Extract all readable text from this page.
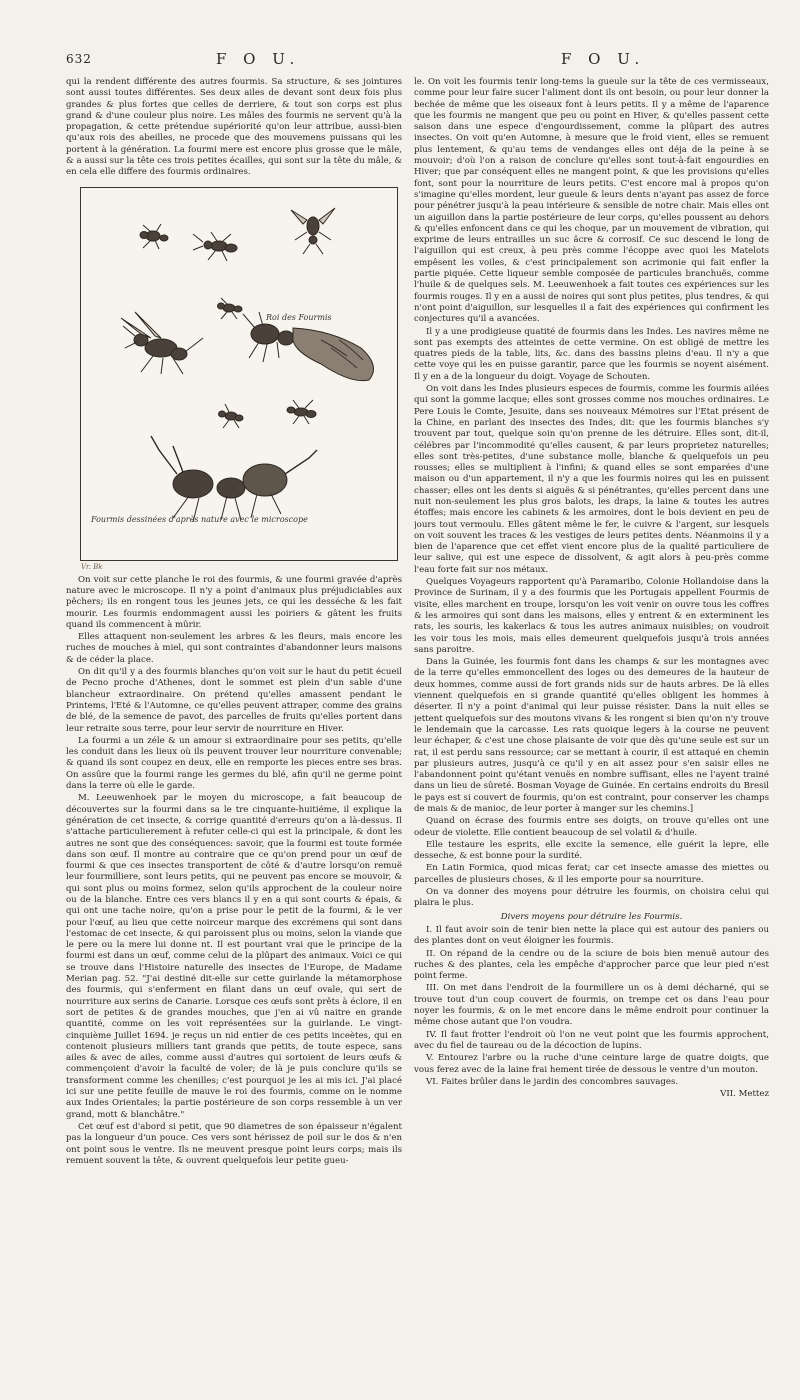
632	F O U.	F O U.

qui la rendent différente des autres fourmis. Sa structure, & ses jointures sont aussi toutes différentes. Ses deux ailes de devant sont deux fois plus grandes & plus fortes que celles de derriere, & tout son corps est plus grand & d'une couleur plus noire. Les mâles des fourmis ne servent qu'à la propagation, & cette prétendue supériorité qu'on leur attribue, aussi-bien qu'aux rois des abeilles, ne procede que des mouvemens puissans qui les portent à la génération. La fourmi mere est encore plus grosse que le mâle, & a aussi sur la tête ces trois petites écailles, qui sont sur la tête du mâle, & en cela elle differe des fourmis ordinaires.

Roi des Fourmis
Fourmis dessinées d'après nature avec le microscope
Vr. Bk

On voit sur cette planche le roi des fourmis, & une fourmi gravée d'après nature avec le microscope. Il n'y a point d'animaux plus préjudiciables aux pêchers; ils en rongent tous les jeunes jets, ce qui les desséche & les fait mourir. Les fourmis endommagent aussi les poiriers & gâtent les fruits quand ils commencent à mûrir.

Elles attaquent non-seulement les arbres & les fleurs, mais encore les ruches de mouches à miel, qui sont contraintes d'abandonner leurs maisons & de céder la place.

On dit qu'il y a des fourmis blanches qu'on voit sur le haut du petit écueil de Pecno proche d'Athenes, dont le sommet est plein d'un sable d'une blancheur extraordinaire. On prétend qu'elles amassent pendant le Printems, l'Eté & l'Automne, ce qu'elles peuvent attraper, comme des grains de blé, de la semence de pavot, des parcelles de fruits qu'elles portent dans leur retraite sous terre, pour leur servir de nourriture en Hiver.

La fourmi a un zéle & un amour si extraordinaire pour ses petits, qu'elle les conduit dans les lieux où ils peuvent trouver leur nourriture convenable; & quand ils sont coupez en deux, elle en remporte les pieces entre ses bras. On assûre que la fourmi range les germes du blé, afin qu'il ne germe point dans la terre où elle le garde.

M. Leeuwenhoek par le moyen du microscope, a fait beaucoup de découvertes sur la fourmi dans sa le tre cinquante-huitiéme, il explique la génération de cet insecte, & corrige quantité d'erreurs qu'on a là-dessus. Il s'attache particulierement à refuter celle-ci qui est la principale, & dont les autres ne sont que des conséquences: savoir, que la fourmi est toute formée dans son œuf. Il montre au contraire que ce qu'on prend pour un œuf de fourmi & que ces insectes transportent de côté & d'autre lorsqu'on remuë leur fourmilliere, sont leurs petits, qui ne peuvent pas encore se mouvoir, & qui sont plus ou moins formez, selon qu'ils approchent de la couleur noire ou de la blanche. Entre ces vers blancs il y en a qui sont courts & épais, & qui ont une tache noire, qu'on a prise pour le petit de la fourmi, & le ver pour l'œuf, au lieu que cette noirceur marque des excrémens qui sont dans l'estomac de cet insecte, & qui paroissent plus ou moins, selon la viande que le pere ou la mere lui donne nt. Il est pourtant vrai que le principe de la fourmi est dans un œuf, comme celui de la plûpart des animaux. Voici ce qui se trouve dans l'Histoire naturelle des insectes de l'Europe, de Madame Merian pag. 52. "J'ai destiné dit-elle sur cette guirlande la métamorphose des fourmis, qui s'enferment en filant dans un œuf ovale, qui sert de nourriture aux serins de Canarie. Lorsque ces œufs sont prêts à éclore, il en sort de petites & de grandes mouches, que j'en ai vû naitre en grande quantité, comme on les voit représentées sur la guirlande. Le vingt-cinquième Juillet 1694. je reçus un nid entier de ces petits inceètes, qui en contenoit plusieurs milliers tant grands que petits, de toute espece, sans ailes & avec de ailes, comme aussi d'autres qui sortoient de leurs œufs & commençoient d'avoir la faculté de voler; de là je puis conclure qu'ils se transforment comme les chenilles; c'est pourquoi je les ai mis ici. J'ai placé ici sur une petite feuille de mauve le roi des fourmis, comme on le nomme aux Indes Orientales; la partie postérieure de son corps ressemble à un ver grand, mott & blanchâtre."

Cet œuf est d'abord si petit, que 90 diametres de son épaisseur n'égalent pas la longueur d'un pouce. Ces vers sont hérissez de poil sur le dos & n'en ont point sous le ventre. Ils ne meuvent presque point leurs corps; mais ils remuent souvent la tête, & ouvrent quelquefois leur petite gueu-

le. On voit les fourmis tenir long-tems la gueule sur la tête de ces vermisseaux, comme pour leur faire sucer l'aliment dont ils ont besoin, ou pour leur donner la bechée de même que les oiseaux font à leurs petits. Il y a même de l'aparence que les fourmis ne mangent que peu ou point en Hiver, & qu'elles passent cette saison dans une espece d'engourdissement, comme la plûpart des autres insectes. On voit qu'en Automne, à mesure que le froid vient, elles se remuent plus lentement, & qu'au tems de vendanges elles ont déja de la peine à se mouvoir; d'où l'on a raison de conclure qu'elles sont tout-à-fait engourdies en Hiver; que par conséquent elles ne mangent point, & que les provisions qu'elles font, sont pour la nourriture de leurs petits. C'est encore mal à propos qu'on s'imagine qu'elles mordent, leur gueule & leurs dents n'ayant pas assez de force pour pénétrer jusqu'à la peau intérieure & sensible de notre chair. Mais elles ont un aiguillon dans la partie postérieure de leur corps, qu'elles poussent au dehors & qu'elles enfoncent dans ce qui les choque, par un mouvement de vibration, qui exprime de leurs entrailles un suc âcre & corrosif. Ce suc descend le long de l'aiguillon qui est creux, à peu près comme l'écoppe avec quoi les Matelots empêsent les voiles, & c'est principalement son acrimonie qui fait enfler la partie piquée. Cette liqueur semble composée de particules branchuës, comme l'huile & de quelques sels. M. Leeuwenhoek a fait toutes ces expériences sur les fourmis rouges. Il y en a aussi de noires qui sont plus petites, plus tendres, & qui n'ont point d'aiguillon, sur lesquelles il a fait des expériences qui confirment les conjectures qu'il a avancées.

Il y a une prodigieuse quatité de fourmis dans les Indes. Les navires même ne sont pas exempts des atteintes de cette vermine. On est obligé de mettre les quatres pieds de la table, lits, &c. dans des bassins pleins d'eau. Il n'y a que cette voye qui les en puisse garantir, parce que les fourmis se noyent aisément. Il y en a de la longueur du doigt. Voyage de Schouten.

On voit dans les Indes plusieurs especes de fourmis, comme les fourmis ailées qui sont la gomme lacque; elles sont grosses comme nos mouches ordinaires. Le Pere Louis le Comte, Jesuite, dans ses nouveaux Mémoires sur l'Etat présent de la Chine, en parlant des insectes des Indes, dit: que les fourmis blanches s'y trouvent par tout, quelque soin qu'on prenne de les détruire. Elles sont, dit-il, célébres par l'incommodité qu'elles causent, & par leurs proprietez naturelles; elles sont très-petites, d'une substance molle, blanche & quelquefois un peu rousses; elles se multiplient à l'infini; & quand elles se sont emparées d'une maison ou d'un appartement, il n'y a que les fourmis noires qui les en puissent chasser; elles ont les dents si aiguës & si pénétrantes, qu'elles percent dans une nuit non-seulement les plus gros balots, les draps, la laine & toutes les autres étoffes; mais encore les cabinets & les armoires, dont le bois devient en peu de jours tout vermoulu. Elles gâtent même le fer, le cuivre & l'argent, sur lesquels on voit souvent les traces & les vestiges de leurs petites dents. Néanmoins il y a bien de l'aparence que cet effet vient encore plus de la qualité particuliere de leur salive, qui est une espece de dissolvent, & agit alors à peu-près comme l'eau forte fait sur nos métaux.

Quelques Voyageurs rapportent qu'à Paramaribo, Colonie Hollandoise dans la Province de Surinam, il y a des fourmis que les Portugais appellent Fourmis de visite, elles marchent en troupe, lorsqu'on les voit venir on ouvre tous les coffres & les armoires qui sont dans les maisons, elles y entrent & en exterminent les rats, les souris, les kakerlacs & tous les autres animaux nuisibles; on voudroit les voir tous les mois, mais elles demeurent quelquefois jusqu'à trois années sans paroitre.

Dans la Guinée, les fourmis font dans les champs & sur les montagnes avec de la terre qu'elles emmoncellent des loges ou des demeures de la hauteur de deux hommes, comme aussi de fort grands nids sur de hauts arbres. De là elles viennent quelquefois en si grande quantité qu'elles obligent les hommes à déserter. Il n'y a point d'animal qui leur puisse résister. Dans la nuit elles se jettent quelquefois sur des moutons vivans & les rongent si bien qu'on n'y trouve le lendemain que la carcasse. Les rats quoique legers à la course ne peuvent leur échaper, & c'est une chose plaisante de voir que dès qu'une seule est sur un rat, il est perdu sans ressource; car se mettant à courir, il est attaqué en chemin par plusieurs autres, jusqu'à ce qu'il y en ait assez pour s'en saisir elles ne l'abandonnent point qu'étant venuës en nombre suffisant, elles ne l'ayent trainé dans un lieu de sûreté. Bosman Voyage de Guinée. En certains endroits du Bresil le pays est si couvert de fourmis, qu'on est contraint, pour conserver les champs de mais & de manioc, de leur porter à manger sur les chemins.]

Quand on écrase des fourmis entre ses doigts, on trouve qu'elles ont une odeur de violette. Elle contient beaucoup de sel volatil & d'huile.

Elle testaure les esprits, elle excite la semence, elle guérit la lepre, elle desseche, & est bonne pour la surdité.

En Latin Formica, quod micas ferat; car cet insecte amasse des miettes ou parcelles de plusieurs choses, & il les emporte pour sa nourriture.

On va donner des moyens pour détruire les fourmis, on choisira celui qui plaira le plus.

Divers moyens pour détruire les Fourmis.

I. Il faut avoir soin de tenir bien nette la place qui est autour des paniers ou des plantes dont on veut éloigner les fourmis.

II. On répand de la cendre ou de la sciure de bois bien menuë autour des ruches & des plantes, cela les empêche d'approcher parce que leur pied n'est point ferme.

III. On met dans l'endroit de la fourmillere un os à demi décharné, qui se trouve tout d'un coup couvert de fourmis, on trempe cet os dans l'eau pour noyer les fourmis, & on le met encore dans le même endroit pour continuer la même chose autant que l'on voudra.

IV. Il faut frotter l'endroit où l'on ne veut point que les fourmis approchent, avec du fiel de taureau ou de la décoction de lupins.

V. Entourez l'arbre ou la ruche d'une ceinture large de quatre doigts, que vous ferez avec de la laine frai hement tirée de dessous le ventre d'un mouton.

VI. Faites brûler dans le jardin des concombres sauvages.

VII. Mettez
